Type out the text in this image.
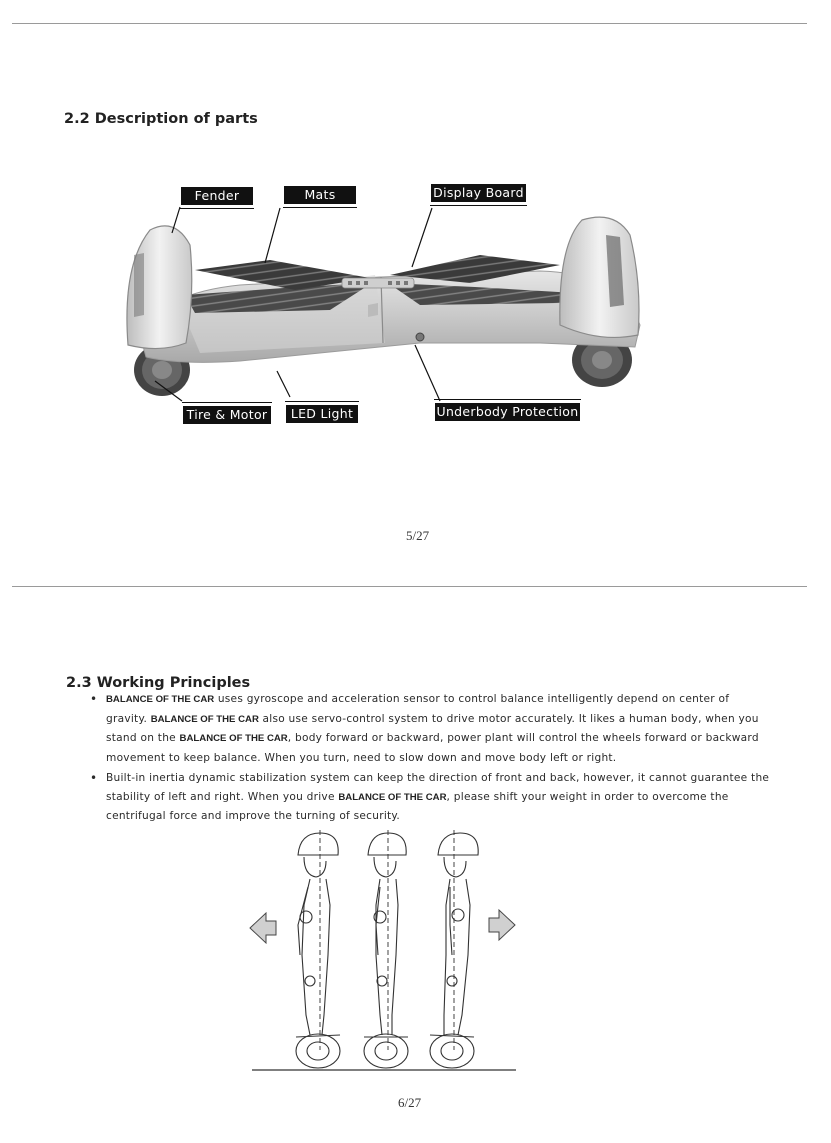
2.2 Description of parts
Fender	Mats	Display Board
Tire & Motor	LED Light	Underbody Protection
5/27
2.3 Working Principles
• BALANCE OF THE CAR uses gyroscope and acceleration sensor to control balance intelligently depend on center of gravity. BALANCE OF THE CAR also use servo-control system to drive motor accurately. It likes a human body, when you stand on the BALANCE OF THE CAR, body forward or backward, power plant will control the wheels forward or backward movement to keep balance. When you turn, need to slow down and move body left or right.
• Built-in inertia dynamic stabilization system can keep the direction of front and back, however, it cannot guarantee the stability of left and right. When you drive BALANCE OF THE CAR, please shift your weight in order to overcome the centrifugal force and improve the turning of security.
6/27
